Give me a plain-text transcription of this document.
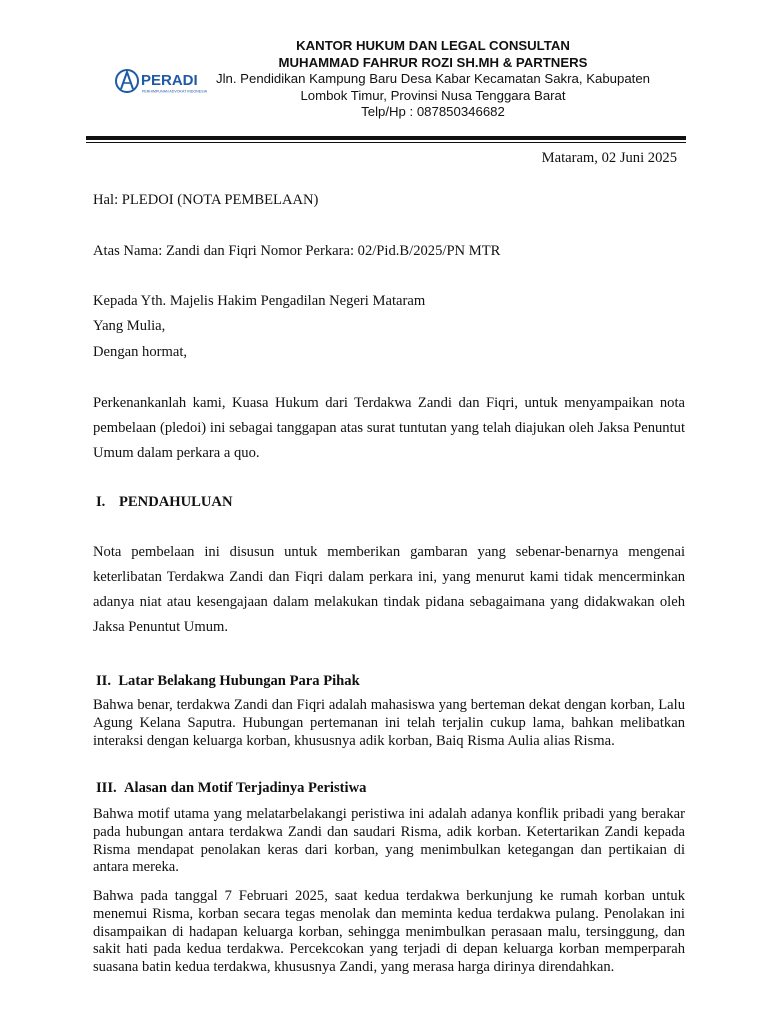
PERADI
PERHIMPUNAN ADVOKAT INDONESIA
KANTOR HUKUM DAN LEGAL CONSULTAN
MUHAMMAD FAHRUR ROZI SH.MH & PARTNERS
Jln. Pendidikan Kampung Baru Desa Kabar Kecamatan Sakra, Kabupaten
Lombok Timur, Provinsi Nusa Tenggara Barat
Telp/Hp : 087850346682
Mataram, 02 Juni 2025
Hal: PLEDOI (NOTA PEMBELAAN)
Atas Nama: Zandi dan Fiqri Nomor Perkara: 02/Pid.B/2025/PN MTR
Kepada Yth. Majelis Hakim Pengadilan Negeri Mataram
Yang Mulia,
Dengan hormat,

Perkenankanlah kami, Kuasa Hukum dari Terdakwa Zandi dan Fiqri, untuk menyampaikan nota pembelaan (pledoi) ini sebagai tanggapan atas surat tuntutan yang telah diajukan oleh Jaksa Penuntut Umum dalam perkara a quo.

I. PENDAHULUAN

Nota pembelaan ini disusun untuk memberikan gambaran yang sebenar-benarnya mengenai keterlibatan Terdakwa Zandi dan Fiqri dalam perkara ini, yang menurut kami tidak mencerminkan adanya niat atau kesengajaan dalam melakukan tindak pidana sebagaimana yang didakwakan oleh Jaksa Penuntut Umum.

II. Latar Belakang Hubungan Para Pihak

Bahwa benar, terdakwa Zandi dan Fiqri adalah mahasiswa yang berteman dekat dengan korban, Lalu Agung Kelana Saputra. Hubungan pertemanan ini telah terjalin cukup lama, bahkan melibatkan interaksi dengan keluarga korban, khususnya adik korban, Baiq Risma Aulia alias Risma.

III. Alasan dan Motif Terjadinya Peristiwa

Bahwa motif utama yang melatarbelakangi peristiwa ini adalah adanya konflik pribadi yang berakar pada hubungan antara terdakwa Zandi dan saudari Risma, adik korban. Ketertarikan Zandi kepada Risma mendapat penolakan keras dari korban, yang menimbulkan ketegangan dan pertikaian di antara mereka.

Bahwa pada tanggal 7 Februari 2025, saat kedua terdakwa berkunjung ke rumah korban untuk menemui Risma, korban secara tegas menolak dan meminta kedua terdakwa pulang. Penolakan ini disampaikan di hadapan keluarga korban, sehingga menimbulkan perasaan malu, tersinggung, dan sakit hati pada kedua terdakwa. Percekcokan yang terjadi di depan keluarga korban memperparah suasana batin kedua terdakwa, khususnya Zandi, yang merasa harga dirinya direndahkan.
